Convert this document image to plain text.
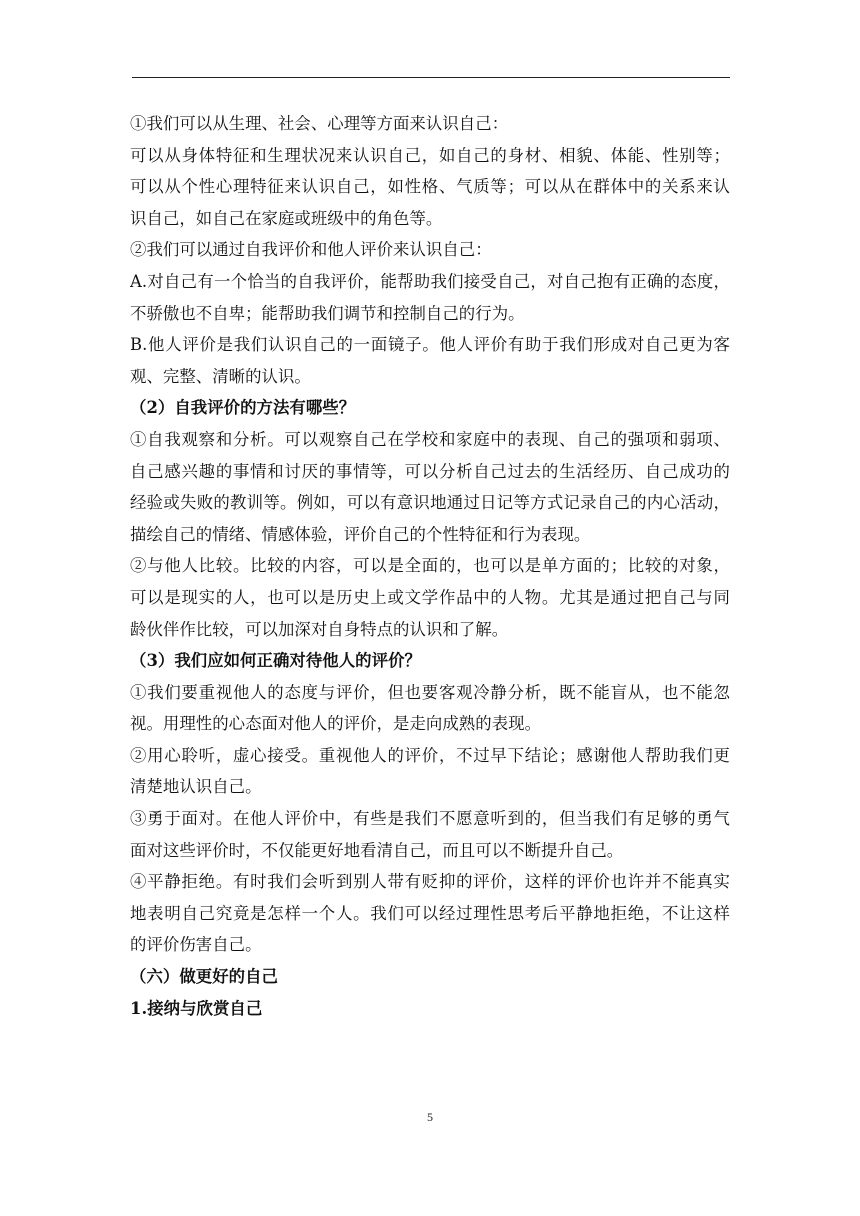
①我们可以从生理、社会、心理等方面来认识自己：
可以从身体特征和生理状况来认识自己，如自己的身材、相貌、体能、性别等；
可以从个性心理特征来认识自己，如性格、气质等；可以从在群体中的关系来认
识自己，如自己在家庭或班级中的角色等。
②我们可以通过自我评价和他人评价来认识自己：
A.对自己有一个恰当的自我评价，能帮助我们接受自己，对自己抱有正确的态度，
不骄傲也不自卑；能帮助我们调节和控制自己的行为。
B.他人评价是我们认识自己的一面镜子。他人评价有助于我们形成对自己更为客
观、完整、清晰的认识。
（2）自我评价的方法有哪些？
①自我观察和分析。可以观察自己在学校和家庭中的表现、自己的强项和弱项、
自己感兴趣的事情和讨厌的事情等，可以分析自己过去的生活经历、自己成功的
经验或失败的教训等。例如，可以有意识地通过日记等方式记录自己的内心活动，
描绘自己的情绪、情感体验，评价自己的个性特征和行为表现。
②与他人比较。比较的内容，可以是全面的，也可以是单方面的；比较的对象，
可以是现实的人，也可以是历史上或文学作品中的人物。尤其是通过把自己与同
龄伙伴作比较，可以加深对自身特点的认识和了解。
（3）我们应如何正确对待他人的评价？
①我们要重视他人的态度与评价，但也要客观冷静分析，既不能盲从，也不能忽
视。用理性的心态面对他人的评价，是走向成熟的表现。
②用心聆听，虚心接受。重视他人的评价，不过早下结论；感谢他人帮助我们更
清楚地认识自己。
③勇于面对。在他人评价中，有些是我们不愿意听到的，但当我们有足够的勇气
面对这些评价时，不仅能更好地看清自己，而且可以不断提升自己。
④平静拒绝。有时我们会听到别人带有贬抑的评价，这样的评价也许并不能真实
地表明自己究竟是怎样一个人。我们可以经过理性思考后平静地拒绝，不让这样
的评价伤害自己。
（六）做更好的自己
1.接纳与欣赏自己
5
